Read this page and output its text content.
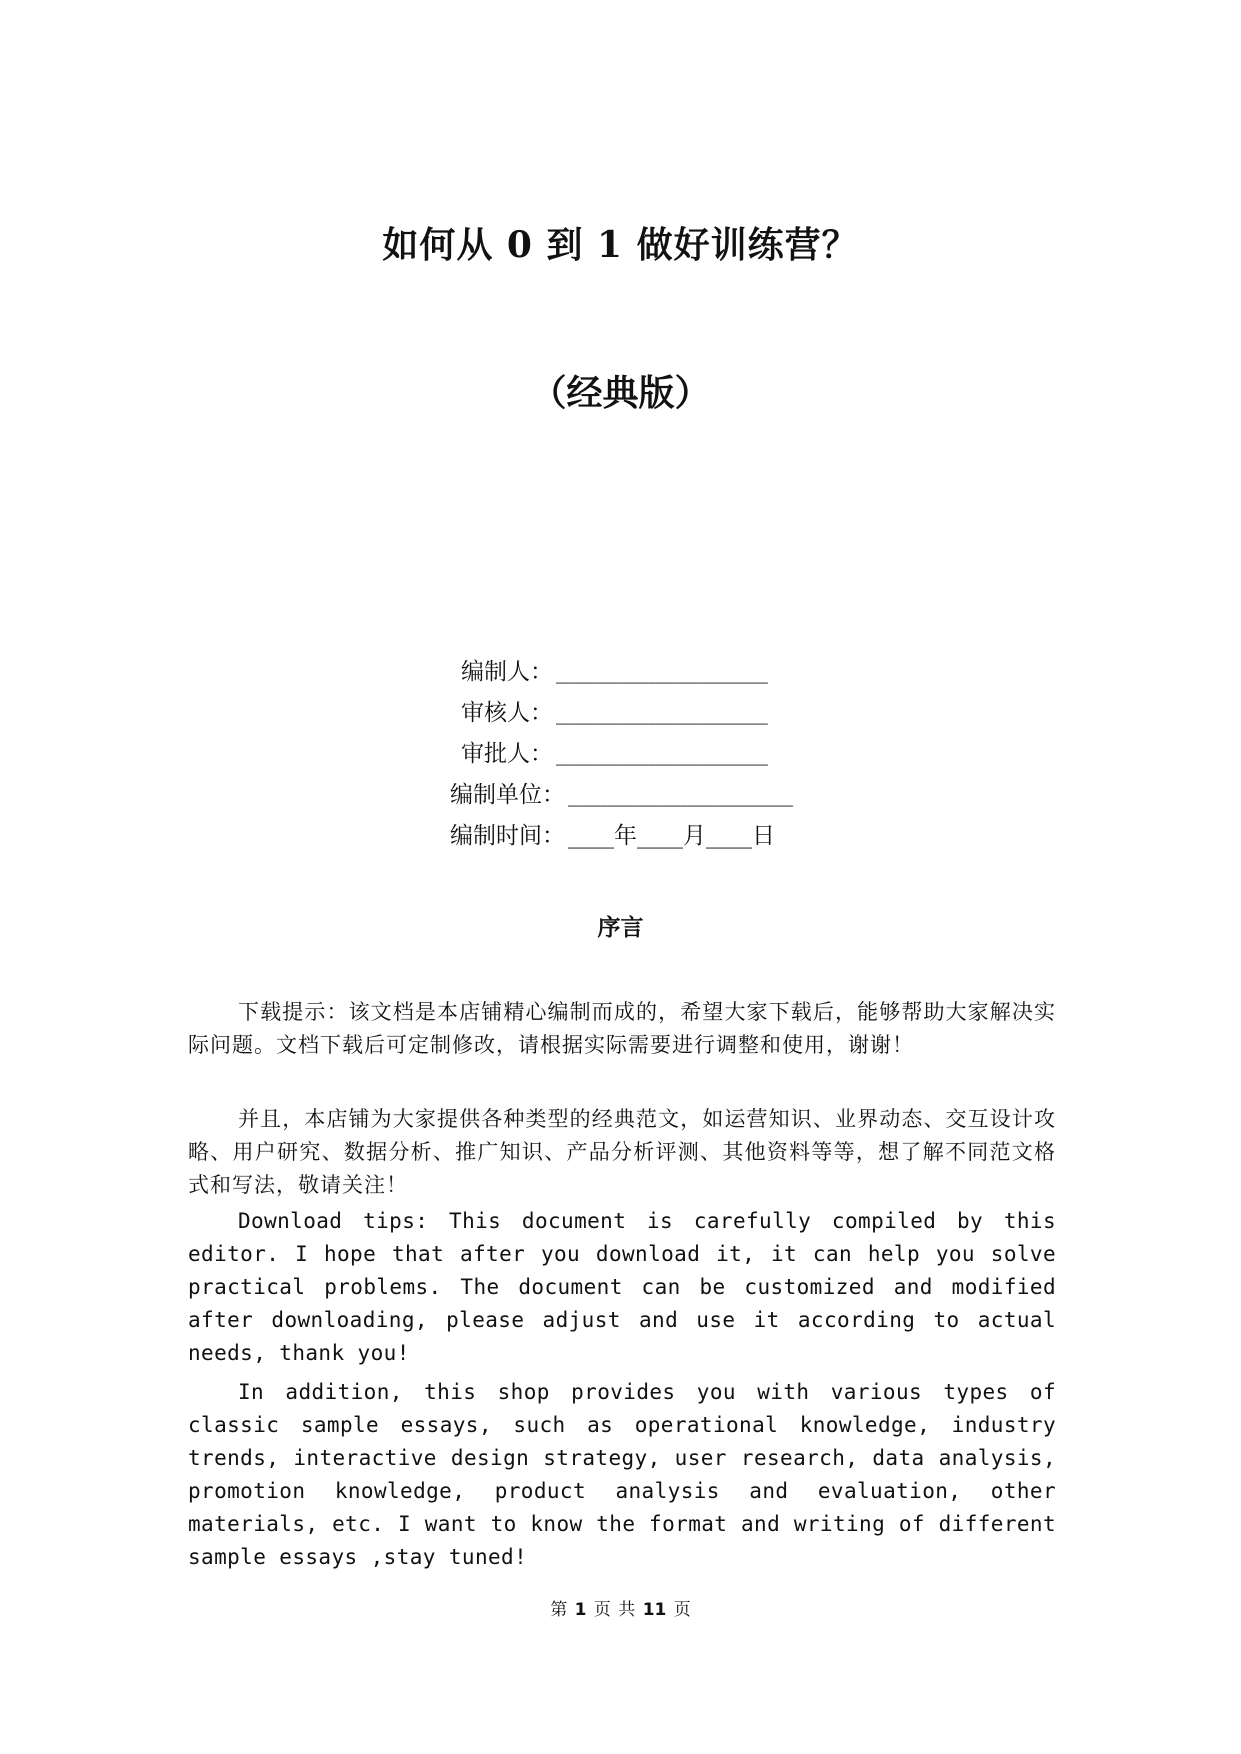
如何从 0 到 1 做好训练营？
（经典版）
编制人： ________________
审核人： ________________
审批人： ________________
编制单位： _________________
编制时间： ____年____月____日
序言

下载提示：该文档是本店铺精心编制而成的，希望大家下载后，能够帮助大家解决实际问题。文档下载后可定制修改，请根据实际需要进行调整和使用，谢谢！

并且，本店铺为大家提供各种类型的经典范文，如运营知识、业界动态、交互设计攻略、用户研究、数据分析、推广知识、产品分析评测、其他资料等等，想了解不同范文格式和写法，敬请关注！

Download tips: This document is carefully compiled by this editor. I hope that after you download it, it can help you solve practical problems. The document can be customized and modified after downloading, please adjust and use it according to actual needs, thank you!

In addition, this shop provides you with various types of classic sample essays, such as operational knowledge, industry trends, interactive design strategy, user research, data analysis, promotion knowledge, product analysis and evaluation, other materials, etc. I want to know the format and writing of different sample essays ,stay tuned!

第 1 页 共 11 页
